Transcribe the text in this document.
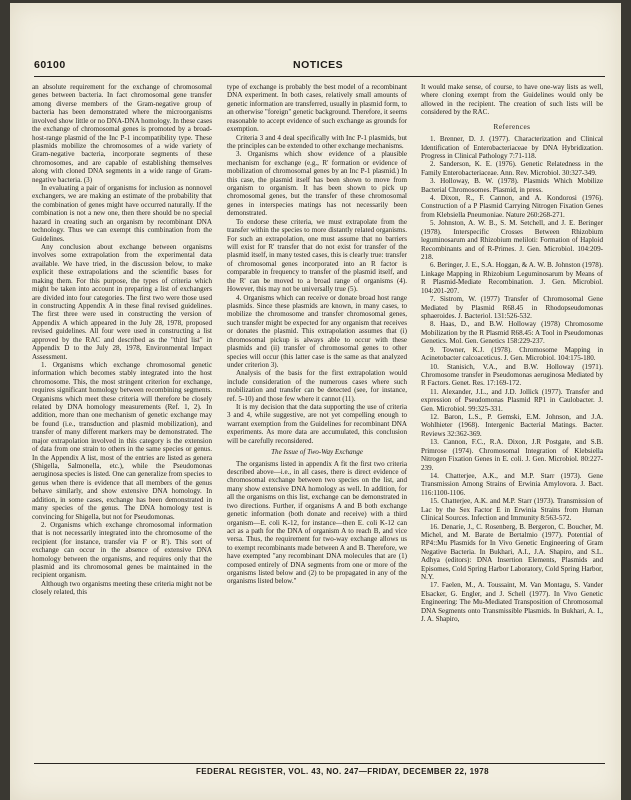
60100	NOTICES

an absolute requirement for the exchange of chromosomal genes between bacteria. In fact chromosomal gene transfer among diverse members of the Gram-negative group of bacteria has been demonstrated where the microorganisms involved show little or no DNA-DNA homology. In these cases the exchange of chromosomal genes is promoted by a broad-host-range plasmid of the Inc P-1 incompatibility type. These plasmids mobilize the chromosomes of a wide variety of Gram-negative bacteria, incorporate segments of these chromosomes, and are capable of establishing themselves along with cloned DNA segments in a wide range of Gram-negative bacteria. (3)

In evaluating a pair of organisms for inclusion as nonnovel exchangers, we are making an estimate of the probability that the combination of genes might have occurred naturally. If the combination is not a new one, then there should be no special hazard in creating such an organism by recombinant DNA technology. Thus we can exempt this combination from the Guidelines.

Any conclusion about exchange between organisms involves some extrapolation from the experimental data available. We have tried, in the discussion below, to make explicit these extrapolations and the scientific bases for making them. For this purpose, the types of criteria which might be taken into account in preparing a list of exchangers are divided into four categories. The first two were those used in constructing Appendix A in these final revised guidelines. The first three were used in constructing the version of Appendix A which appeared in the July 28, 1978, proposed revised guidelines. All four were used in constructing a list approved by the RAC and described as the "third list" in Appendix D to the July 28, 1978, Environmental Impact Assessment.

1. Organisms which exchange chromosomal genetic information which becomes stably integrated into the host chromosome. This, the most stringent criterion for exchange, requires significant homology between recombining segments. Organisms which meet these criteria will therefore be closely related by DNA homology measurements (Ref. 1, 2). In addition, more than one mechanism of genetic exchange may be found (i.e., transduction and plasmid mobilization), and transfer of many different markers may be demonstrated. The major extrapolation involved in this category is the extension of data from one strain to others in the same species or genus. In the Appendix A list, most of the entries are listed as genera (Shigella, Salmonella, etc.), while the Pseudomonas aeruginosa species is listed. One can generalize from species to genus when there is evidence that all members of the genus behave similarly, and show extensive DNA homology. In addition, in some cases, exchange has been demonstrated in many species of the genus. The DNA homology test is convincing for Shigella, but not for Pseudomonas.

2. Organisms which exchange chromosomal information that is not necessarily integrated into the chromosome of the recipient (for instance, transfer via F' or R'). This sort of exchange can occur in the absence of extensive DNA homology between the organisms, and requires only that the plasmid and its chromosomal genes be maintained in the recipient organism.

Although two organisms meeting these criteria might not be closely related, this

type of exchange is probably the best model of a recombinant DNA experiment. In both cases, relatively small amounts of genetic information are transferred, usually in plasmid form, to an otherwise "foreign" genetic background. Therefore, it seems reasonable to accept evidence of such exchange as grounds for exemption.

Criteria 3 and 4 deal specifically with Inc P-1 plasmids, but the principles can be extended to other exchange mechanisms.

3. Organisms which show evidence of a plausible mechanism for exchange (e.g., R' formation or evidence of mobilization of chromosomal genes by an Inc P-1 plasmid.) In this case, the plasmid itself has been shown to move from organism to organism. It has been shown to pick up chromosomal genes, but the transfer of these chromosomal genes in interspecies matings has not necessarily been demonstrated.

To endorse these criteria, we must extrapolate from the transfer within the species to more distantly related organisms. For such an extrapolation, one must assume that no barriers will exist for R' transfer that do not exist for transfer of the plasmid itself, in many tested cases, this is clearly true: transfer of chromosomal genes incorporated into an R factor is comparable in frequency to transfer of the plasmid itself, and the R' can be moved to a broad range of organisms (4). However, this may not be universally true (5).

4. Organisms which can receive or donate broad host range plasmids. Since these plasmids are known, in many cases, to mobilize the chromosome and transfer chromosomal genes, such transfer might be expected for any organism that receives or donates the plasmid. This extrapolation assumes that (i) chromosomal pickup is always able to occur with these plasmids and (ii) transfer of chromosomal genes to other species will occur (this latter case is the same as that analyzed under criterion 3).

Analysis of the basis for the first extrapolation would include consideration of the numerous cases where such mobilization and transfer can be detected (see, for instance, ref. 5-10) and those few where it cannot (11).

It is my decision that the data supporting the use of criteria 3 and 4, while suggestive, are not yet compelling enough to warrant exemption from the Guidelines for recombinant DNA experiments. As more data are accumulated, this conclusion will be carefully reconsidered.

The Issue of Two-Way Exchange

The organisms listed in appendix A fit the first two criteria described above—i.e., in all cases, there is direct evidence of chromosomal exchange between two species on the list, and many show extensive DNA homology as well. In addition, for all the organisms on this list, exchange can be demonstrated in two directions. Further, if organisms A and B both exchange genetic information (both donate and receive) with a third organism—E. coli K-12, for instance—then E. coli K-12 can act as a path for the DNA of organism A to reach B, and vice versa. Thus, the requirement for two-way exchange allows us to exempt recombinants made between A and B. Therefore, we have exempted "any recombinant DNA molecules that are (1) composed entirely of DNA segments from one or more of the organisms listed below and (2) to be propagated in any of the organisms listed below."

It would make sense, of course, to have one-way lists as well, where cloning exempt from the Guidelines would only be allowed in the recipient. The creation of such lists will be considered by the RAC.

References

1. Brenner, D. J. (1977). Characterization and Clinical Identification of Enterobacteriaceae by DNA Hybridization. Progress in Clinical Pathology 7:71-118.

2. Sanderson, K. E. (1976). Genetic Relatedness in the Family Enterobacteriaceae. Ann. Rev. Microbiol. 30:327-349.

3. Holloway, B. W. (1978). Plasmids Which Mobilize Bacterial Chromosomes. Plasmid, in press.

4. Dixon, R., F. Cannon, and A. Kondorosi (1976). Construction of a P Plasmid Carrying Nitrogen Fixation Genes from Klebsiella Pneumoniae. Nature 260:268-271.

5. Johnston, A. W. B., S. M. Setchell, and J. E. Beringer (1978). Interspecific Crosses Between Rhizobium leguminosarum and Rhizobium meliloti: Formation of Haploid Recombinants and of R-Primes. J. Gen. Microbiol. 104:209-218.

6. Beringer, J. E., S.A. Hoggan, & A. W. B. Johnston (1978). Linkage Mapping in Rhizobium Leguminosarum by Means of R Plasmid-Mediate Recombination. J. Gen. Microbiol. 104:201-207.

7. Sistrom, W. (1977) Transfer of Chromosomal Gene Mediated by Plasmid R68.45 in Rhodopseudomonas sphaeroides. J. Bacteriol. 131:526-532.

8. Haas, D., and B.W. Holloway (1978) Chromosome Mobilization by the R Plasmid R68.45: A Tool in Pseudomonas Genetics. Mol. Gen. Genetics 158:229-237.

9. Towner, K.J. (1978). Chromosome Mapping in Acinetobacter calcoaceticus. J. Gen. Microbiol. 104:175-180.

10. Stanisich, V.A., and B.W. Holloway (1971). Chromosome transfer in Pseudomonas aeruginosa Mediated by R Factors. Genet. Res. 17:169-172.

11. Alexander, J.L., and J.D. Jollick (1977). Transfer and expression of Pseudomonas Plasmid RP1 in Caulobacter. J. Gen. Microbiol. 99:325-331.

12. Baron, L.S., P. Gemski, E.M. Johnson, and J.A. Wohlhieter (1968). Intergenic Bacterial Matings. Bacter. Reviews 32:362-369.

13. Cannon, F.C., R.A. Dixon, J.R Postgate, and S.B. Primrose (1974). Chromosomal Integration of Klebsiella Nitrogen Fixation Genes in E. coli. J. Gen. Microbiol. 80:227-239.

14. Chatterjee, A.K., and M.P. Starr (1973). Gene Transmission Among Strains of Erwinia Amylovora. J. Bact. 116:1100-1106.

15. Chatterjee, A.K. and M.P. Starr (1973). Transmission of Lac by the Sex Factor E in Erwinia Strains from Human Clinical Sources. Infection and Immunity 8:563-572.

16. Denarie, J., C. Rosenberg, B. Bergeron, C. Boucher, M. Michel, and M. Barate de Bertalmio (1977). Potential of RP4::Mu Plasmids for In Vivo Genetic Engineering of Gram Negative Bacteria. In Bukhari, A.I., J.A. Shapiro, and S.L. Adhya (editors): DNA Insertion Elements, Plasmids and Episomes, Cold Spring Harbor Laboratory, Cold Spring Harbor, N.Y.

17. Faelen, M., A. Toussaint, M. Van Montagu, S. Vander Elsacker, G. Engler, and J. Schell (1977). In Vivo Genetic Engineering: The Mu-Mediated Transposition of Chromosomal DNA Segments onto Transmissible Plasmids. In Bukhari, A. I., J. A. Shapiro,

FEDERAL REGISTER, VOL. 43, NO. 247—FRIDAY, DECEMBER 22, 1978
